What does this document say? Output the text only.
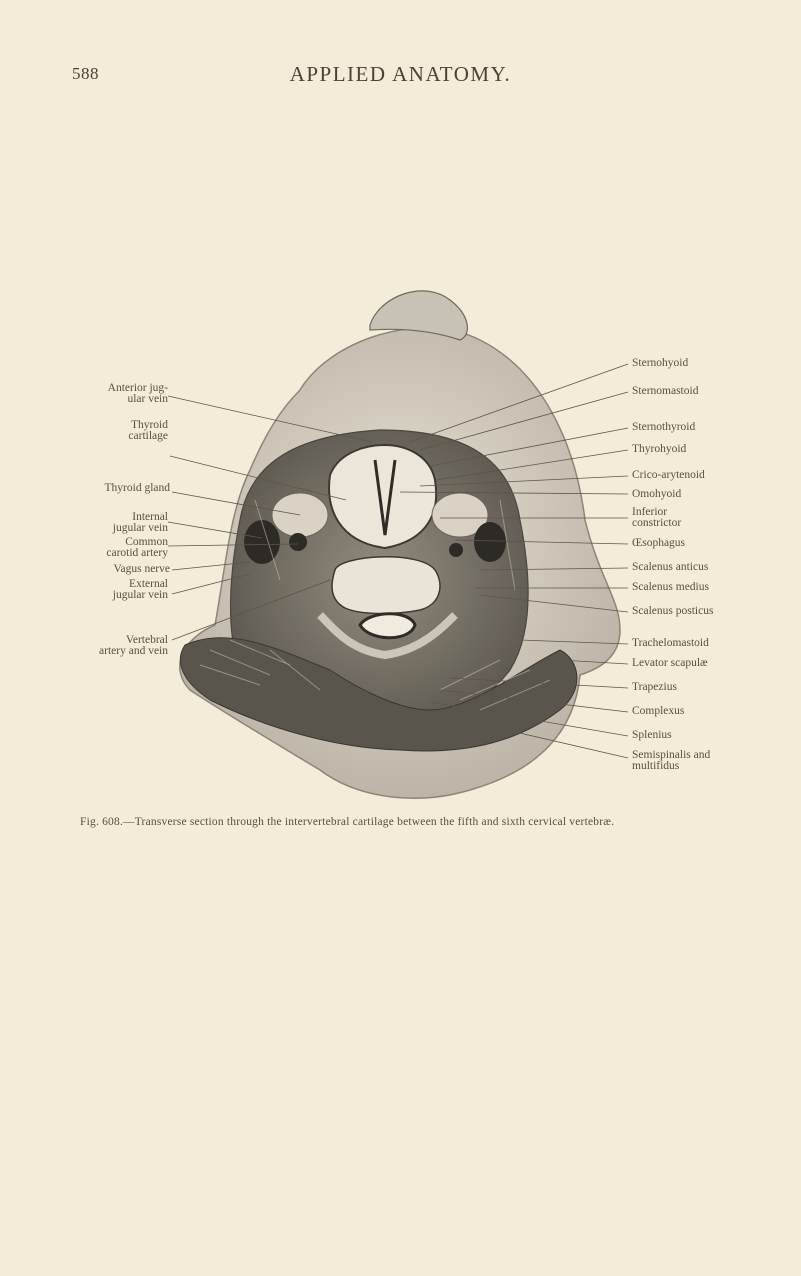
588	APPLIED ANATOMY.
Anterior jug-
ular vein
Thyroid
cartilage
Thyroid gland
Internal
jugular vein
Common
carotid artery
Vagus nerve
External
jugular vein
Vertebral
artery and vein
Sternohyoid
Sternomastoid
Sternothyroid
Thyrohyoid
Crico-arytenoid
Omohyoid
Inferior
constrictor
Œsophagus
Scalenus anticus
Scalenus medius
Scalenus posticus
Trachelomastoid
Levator scapulæ
Trapezius
Complexus
Splenius
Semispinalis and
multifidus
Fig. 608.—Transverse section through the intervertebral cartilage between the fifth and sixth cervical vertebræ.
